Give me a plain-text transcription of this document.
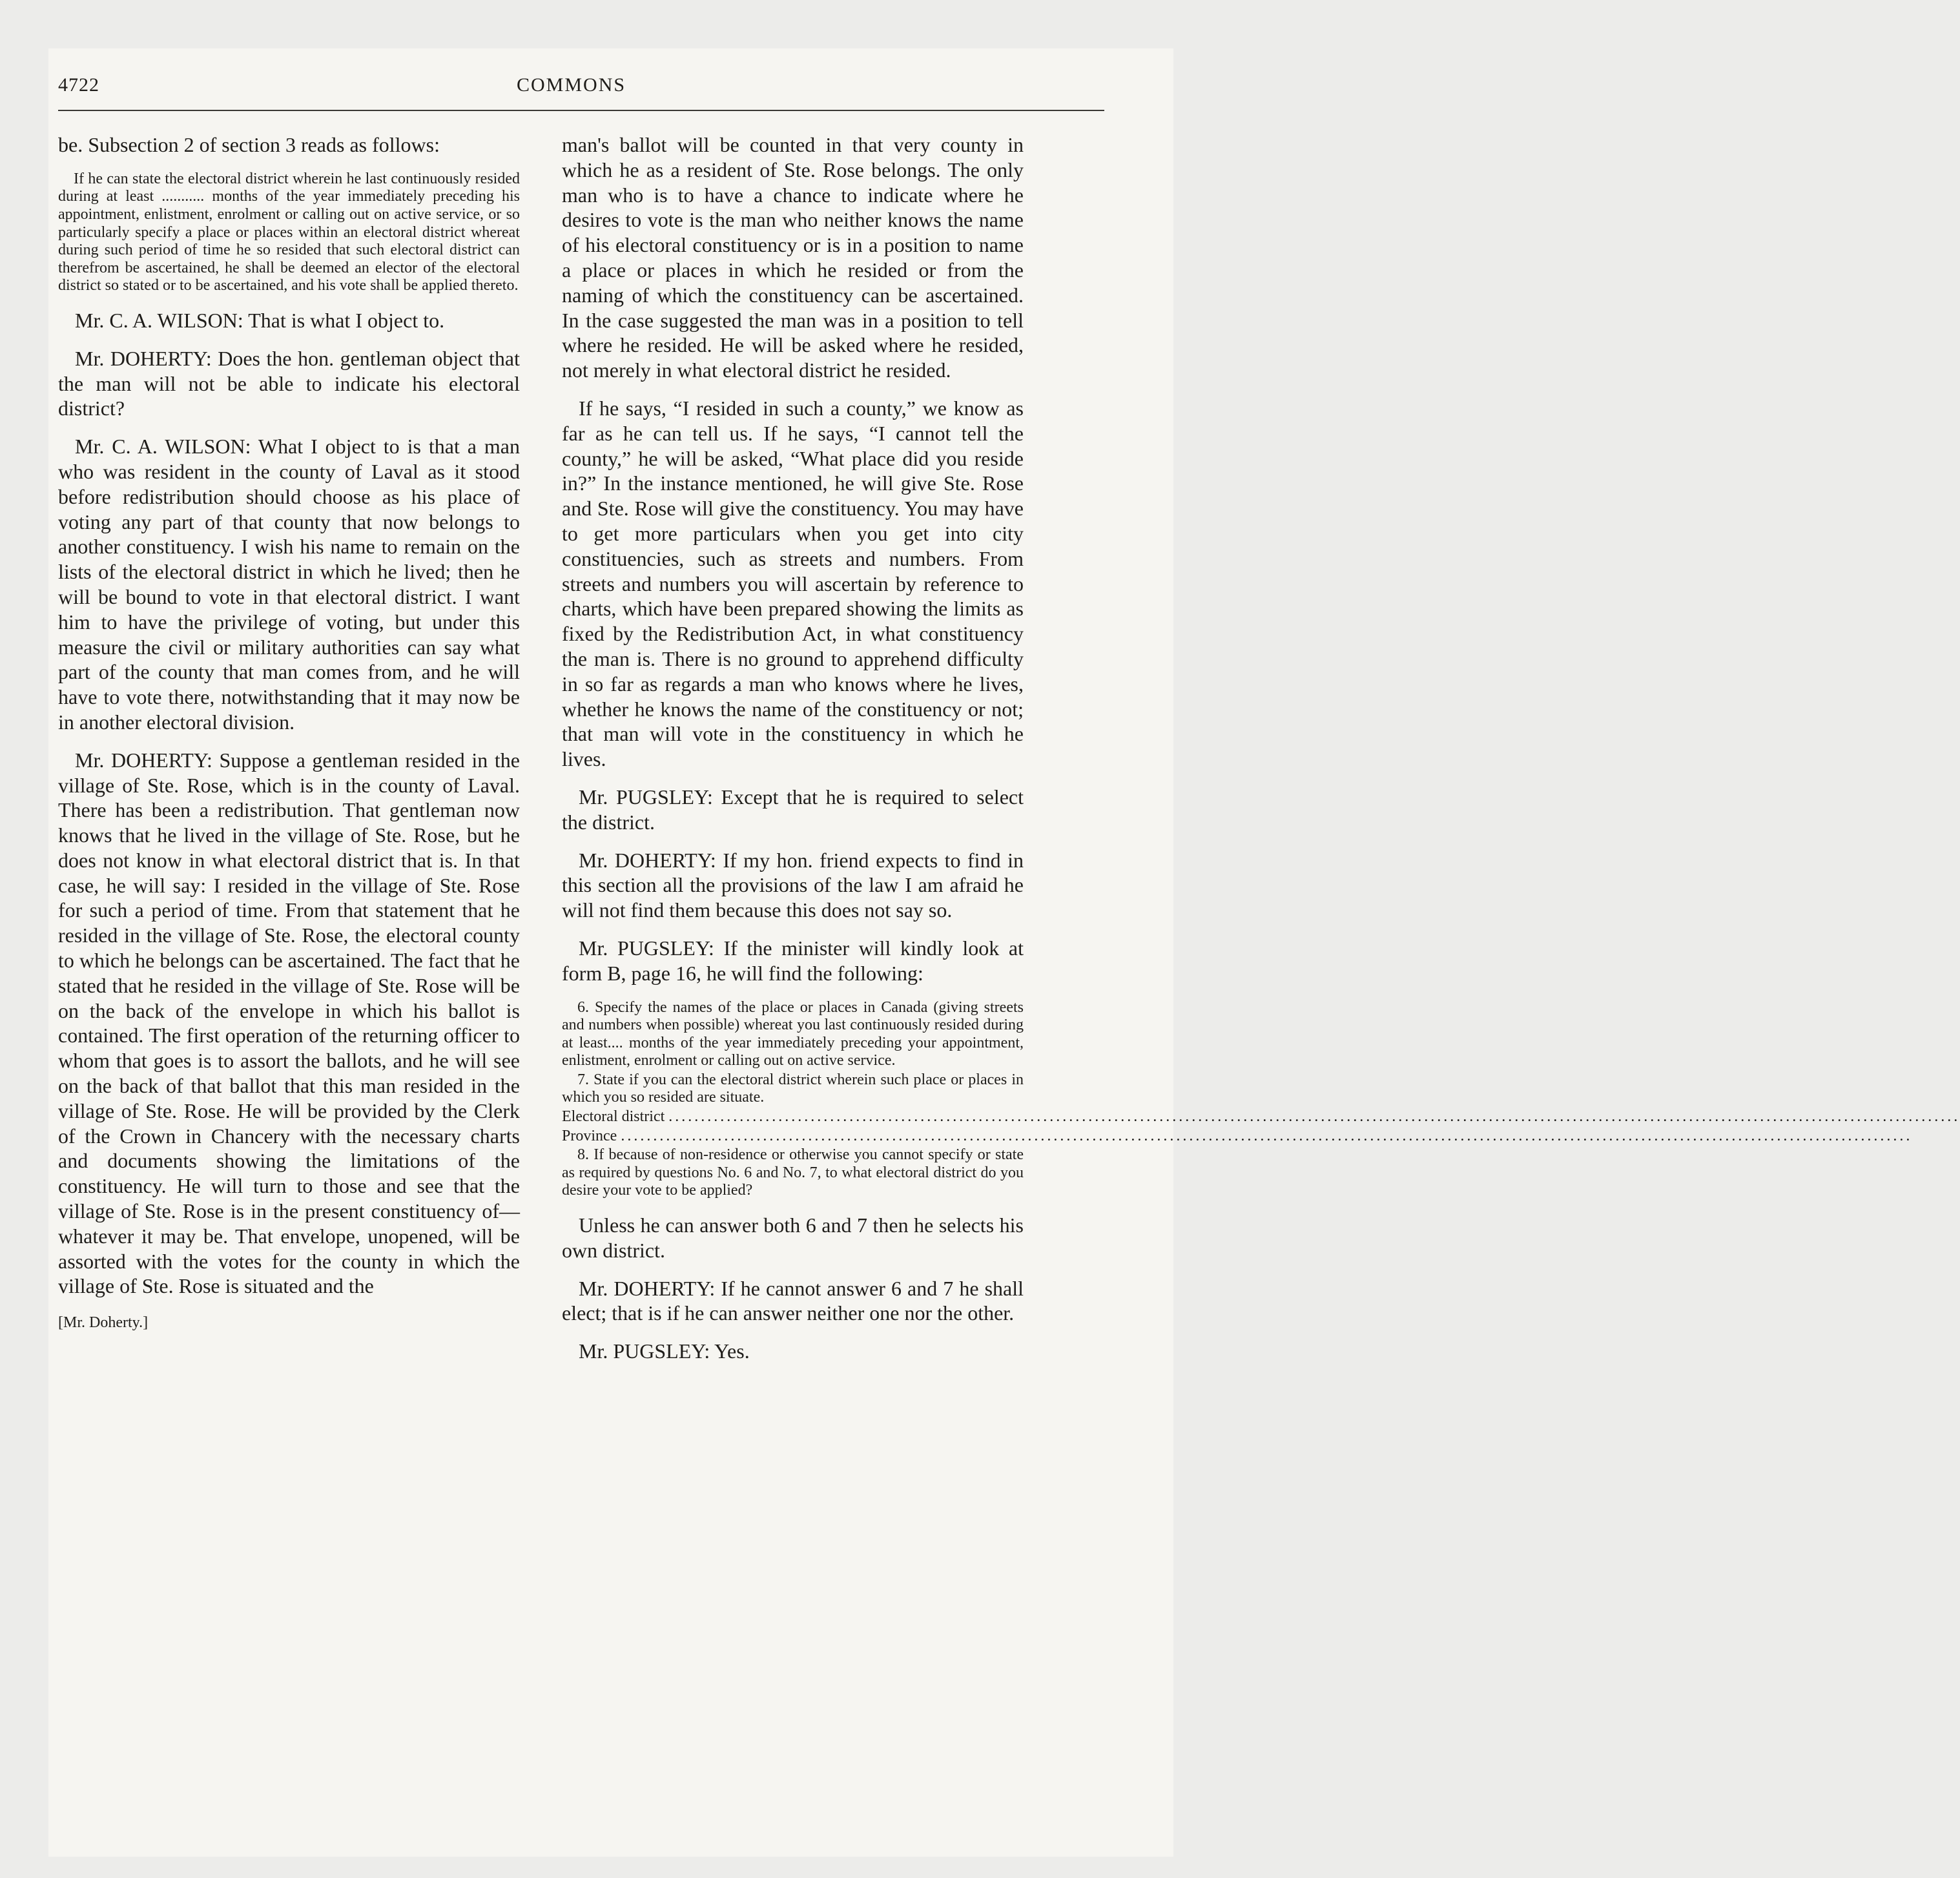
4722	COMMONS

be. Subsection 2 of section 3 reads as follows:

If he can state the electoral district wherein he last continuously resided during at least ........... months of the year immediately preceding his appointment, enlistment, enrolment or calling out on active service, or so particularly specify a place or places within an electoral district whereat during such period of time he so resided that such electoral district can therefrom be ascertained, he shall be deemed an elector of the electoral district so stated or to be ascertained, and his vote shall be applied thereto.

Mr. C. A. WILSON: That is what I object to.

Mr. DOHERTY: Does the hon. gentleman object that the man will not be able to indicate his electoral district?

Mr. C. A. WILSON: What I object to is that a man who was resident in the county of Laval as it stood before redistribution should choose as his place of voting any part of that county that now belongs to another constituency. I wish his name to remain on the lists of the electoral district in which he lived; then he will be bound to vote in that electoral district. I want him to have the privilege of voting, but under this measure the civil or military authorities can say what part of the county that man comes from, and he will have to vote there, notwithstanding that it may now be in another electoral division.

Mr. DOHERTY: Suppose a gentleman resided in the village of Ste. Rose, which is in the county of Laval. There has been a redistribution. That gentleman now knows that he lived in the village of Ste. Rose, but he does not know in what electoral district that is. In that case, he will say: I resided in the village of Ste. Rose for such a period of time. From that statement that he resided in the village of Ste. Rose, the electoral county to which he belongs can be ascertained. The fact that he stated that he resided in the village of Ste. Rose will be on the back of the envelope in which his ballot is contained. The first operation of the returning officer to whom that goes is to assort the ballots, and he will see on the back of that ballot that this man resided in the village of Ste. Rose. He will be provided by the Clerk of the Crown in Chancery with the necessary charts and documents showing the limitations of the constituency. He will turn to those and see that the village of Ste. Rose is in the present constituency of—whatever it may be. That envelope, unopened, will be assorted with the votes for the county in which the village of Ste. Rose is situated and the

[Mr. Doherty.]

man's ballot will be counted in that very county in which he as a resident of Ste. Rose belongs. The only man who is to have a chance to indicate where he desires to vote is the man who neither knows the name of his electoral constituency or is in a position to name a place or places in which he resided or from the naming of which the constituency can be ascertained. In the case suggested the man was in a position to tell where he resided. He will be asked where he resided, not merely in what electoral district he resided.

If he says, “I resided in such a county,” we know as far as he can tell us. If he says, “I cannot tell the county,” he will be asked, “What place did you reside in?” In the instance mentioned, he will give Ste. Rose and Ste. Rose will give the constituency. You may have to get more particulars when you get into city constituencies, such as streets and numbers. From streets and numbers you will ascertain by reference to charts, which have been prepared showing the limits as fixed by the Redistribution Act, in what constituency the man is. There is no ground to apprehend difficulty in so far as regards a man who knows where he lives, whether he knows the name of the constituency or not; that man will vote in the constituency in which he lives.

Mr. PUGSLEY: Except that he is required to select the district.

Mr. DOHERTY: If my hon. friend expects to find in this section all the provisions of the law I am afraid he will not find them because this does not say so.

Mr. PUGSLEY: If the minister will kindly look at form B, page 16, he will find the following:

6. Specify the names of the place or places in Canada (giving streets and numbers when possible) whereat you last continuously resided during at least.... months of the year immediately preceding your appointment, enlistment, enrolment or calling out on active service.

7. State if you can the electoral district wherein such place or places in which you so resided are situate.

Electoral district ........................................................................................................................................................................................................
Province ........................................................................................................................................................................................................

8. If because of non-residence or otherwise you cannot specify or state as required by questions No. 6 and No. 7, to what electoral district do you desire your vote to be applied?

Unless he can answer both 6 and 7 then he selects his own district.

Mr. DOHERTY: If he cannot answer 6 and 7 he shall elect; that is if he can answer neither one nor the other.

Mr. PUGSLEY: Yes.
